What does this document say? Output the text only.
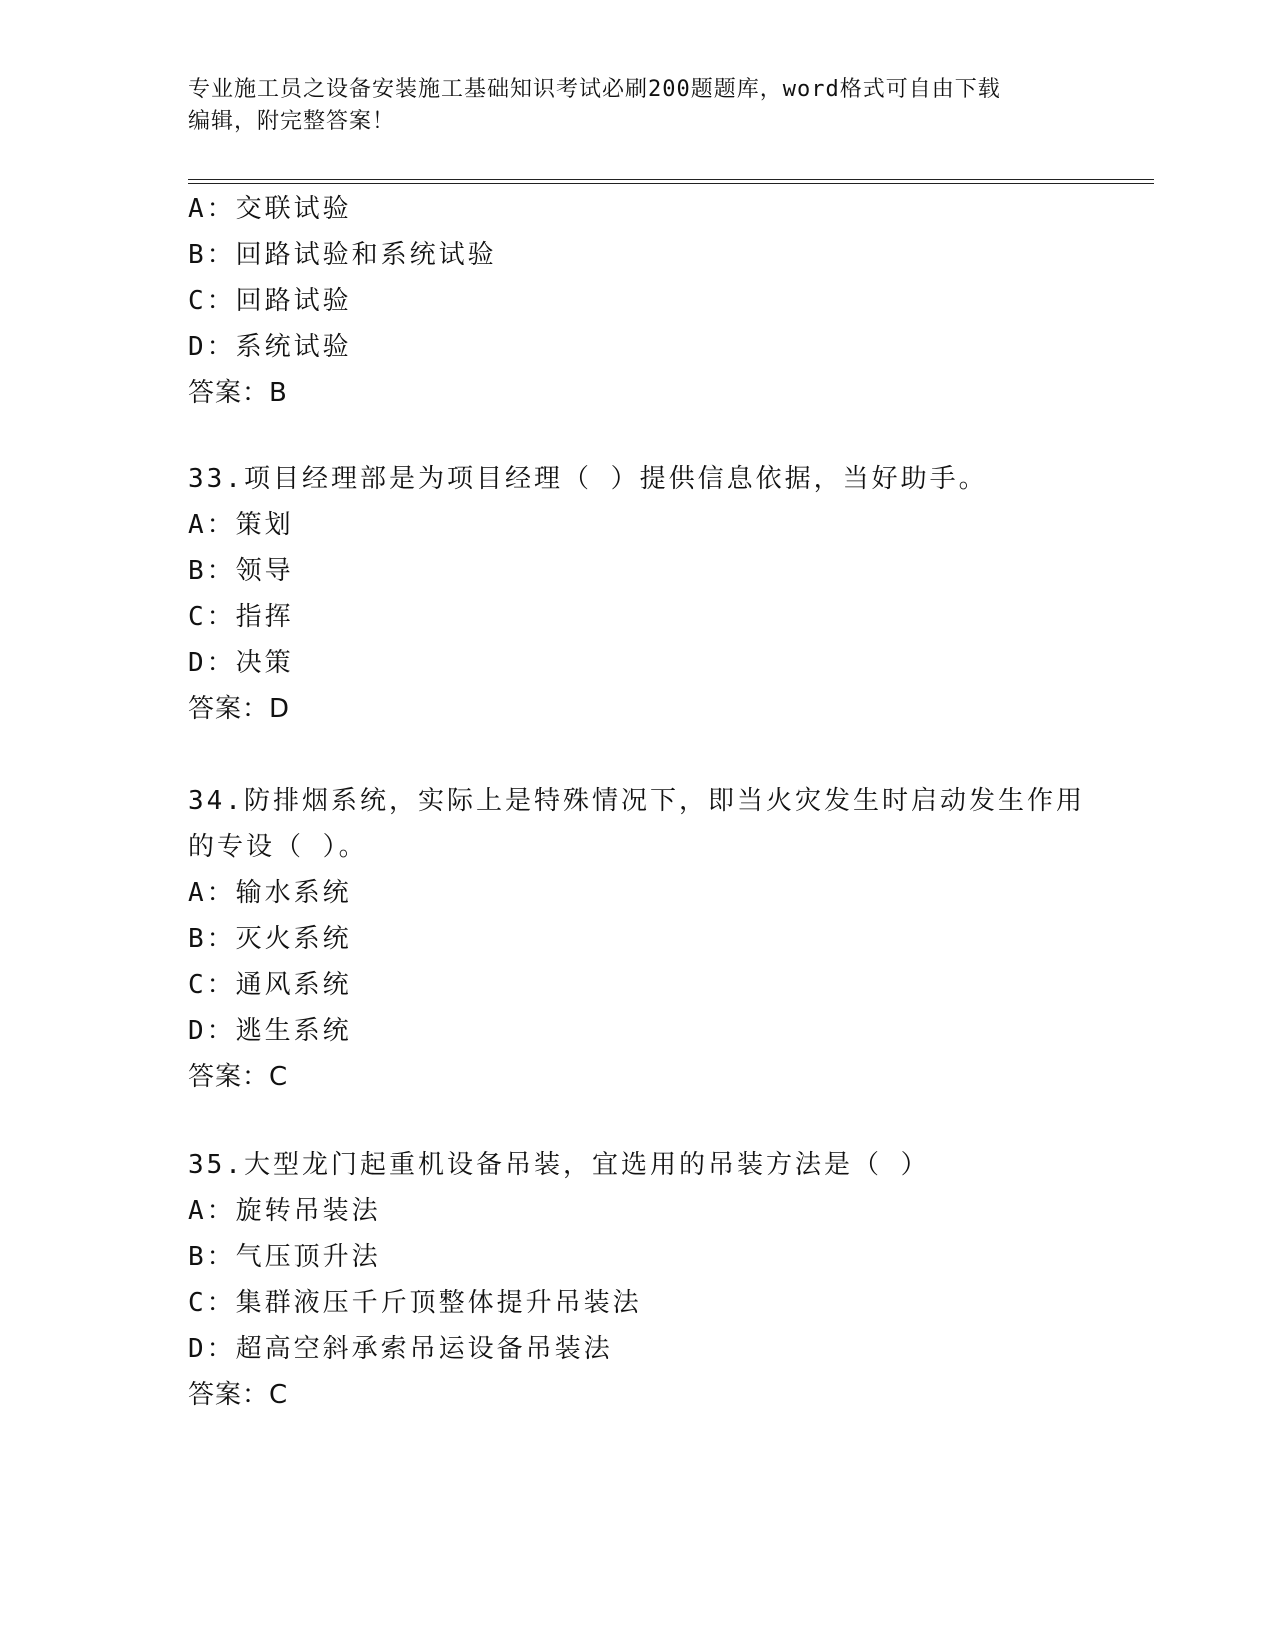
专业施工员之设备安装施工基础知识考试必刷200题题库，word格式可自由下载
编辑，附完整答案！
A：交联试验
B：回路试验和系统试验
C：回路试验
D：系统试验
答案：B
33.项目经理部是为项目经理（ ）提供信息依据，当好助手。
A：策划
B：领导
C：指挥
D：决策
答案：D
34.防排烟系统，实际上是特殊情况下，即当火灾发生时启动发生作用
的专设（ ）。
A：输水系统
B：灭火系统
C：通风系统
D：逃生系统
答案：C
35.大型龙门起重机设备吊装，宜选用的吊装方法是（ ）
A：旋转吊装法
B：气压顶升法
C：集群液压千斤顶整体提升吊装法
D：超高空斜承索吊运设备吊装法
答案：C
